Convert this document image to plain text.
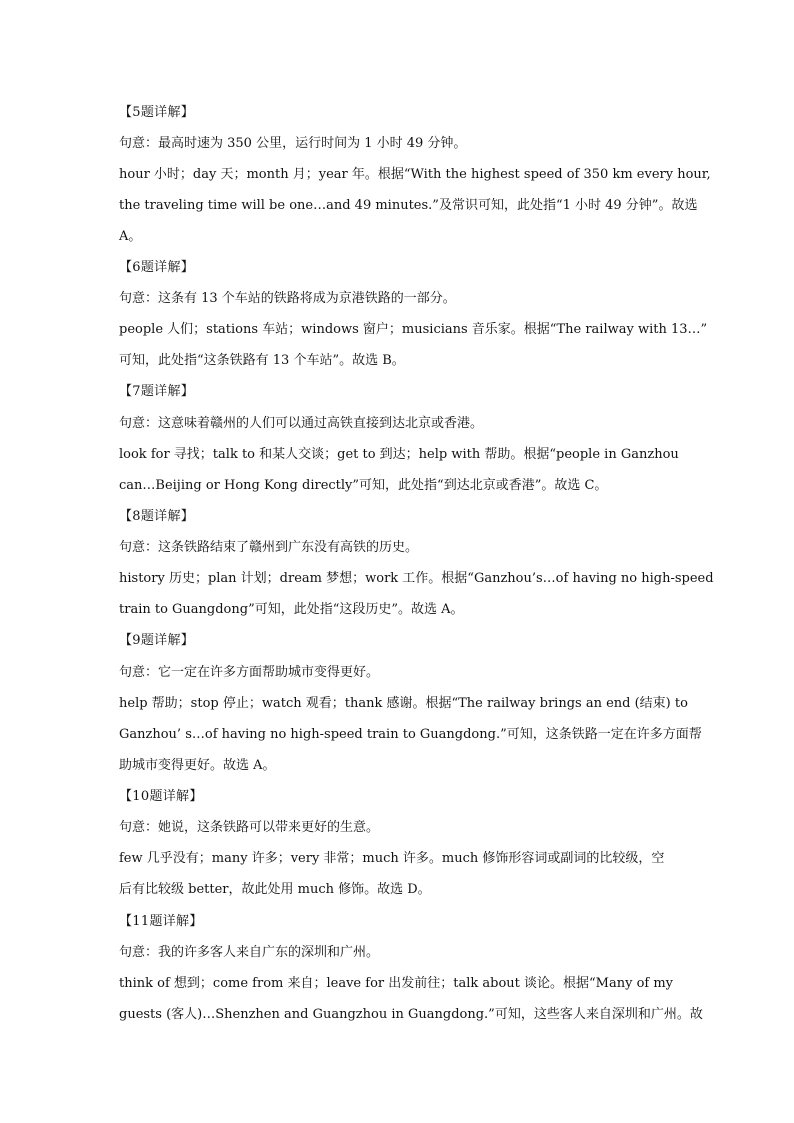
【5题详解】
句意：最高时速为 350 公里，运行时间为 1 小时 49 分钟。
hour 小时；day 天；month 月；year 年。根据“With the highest speed of 350 km every hour,
the traveling time will be one…and 49 minutes.”及常识可知，此处指“1 小时 49 分钟”。故选
A。
【6题详解】
句意：这条有 13 个车站的铁路将成为京港铁路的一部分。
people 人们；stations 车站；windows 窗户；musicians 音乐家。根据“The railway with 13…”
可知，此处指“这条铁路有 13 个车站”。故选 B。
【7题详解】
句意：这意味着赣州的人们可以通过高铁直接到达北京或香港。
look for 寻找；talk to 和某人交谈；get to 到达；help with 帮助。根据“people in Ganzhou
can…Beijing or Hong Kong directly”可知，此处指“到达北京或香港”。故选 C。
【8题详解】
句意：这条铁路结束了赣州到广东没有高铁的历史。
history 历史；plan 计划；dream 梦想；work 工作。根据“Ganzhou’s…of having no high-speed
train to Guangdong”可知，此处指“这段历史”。故选 A。
【9题详解】
句意：它一定在许多方面帮助城市变得更好。
help 帮助；stop 停止；watch 观看；thank 感谢。根据“The railway brings an end (结束) to
Ganzhou’ s…of having no high-speed train to Guangdong.”可知，这条铁路一定在许多方面帮
助城市变得更好。故选 A。
【10题详解】
句意：她说，这条铁路可以带来更好的生意。
few 几乎没有；many 许多；very 非常；much 许多。much 修饰形容词或副词的比较级，空
后有比较级 better，故此处用 much 修饰。故选 D。
【11题详解】
句意：我的许多客人来自广东的深圳和广州。
think of 想到；come from 来自；leave for 出发前往；talk about 谈论。根据“Many of my
guests (客人)…Shenzhen and Guangzhou in Guangdong.”可知，这些客人来自深圳和广州。故
